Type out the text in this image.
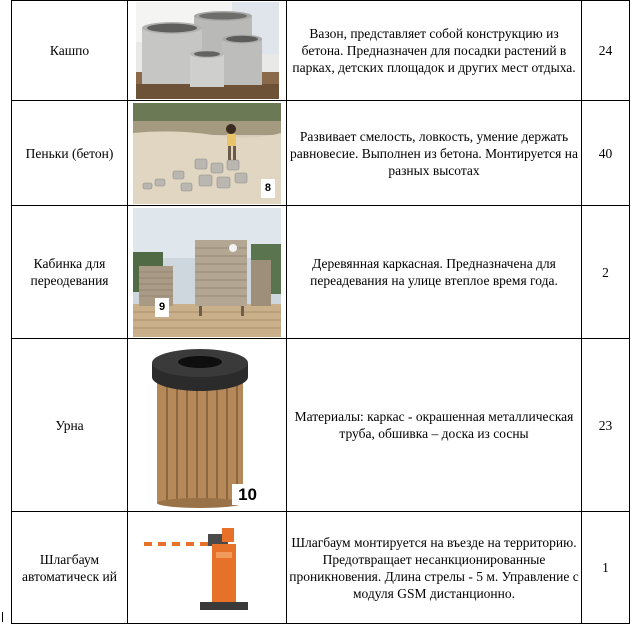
Кашпо		Вазон, представляет собой конструкцию из бетона. Предназначен для посадки растений в парках, детских площадок и других мест отдыха.	24
Пеньки (бетон)	8	Развивает смелость, ловкость, умение держать равновесие. Выполнен из бетона. Монтируется на разных высотах	40
Кабинка для переодевания	9	Деревянная каркасная. Предназначена для переадевания на улице втеплое время года.	2
Урна	10	Материалы: каркас - окрашенная металлическая труба, обшивка – доска из сосны	23
Шлагбаум автоматическ ий		Шлагбаум монтируется на въезде на территорию. Предотвращает несанкционированные проникновения. Длина стрелы - 5 м. Управление с модуля GSM дистанционно.	1
